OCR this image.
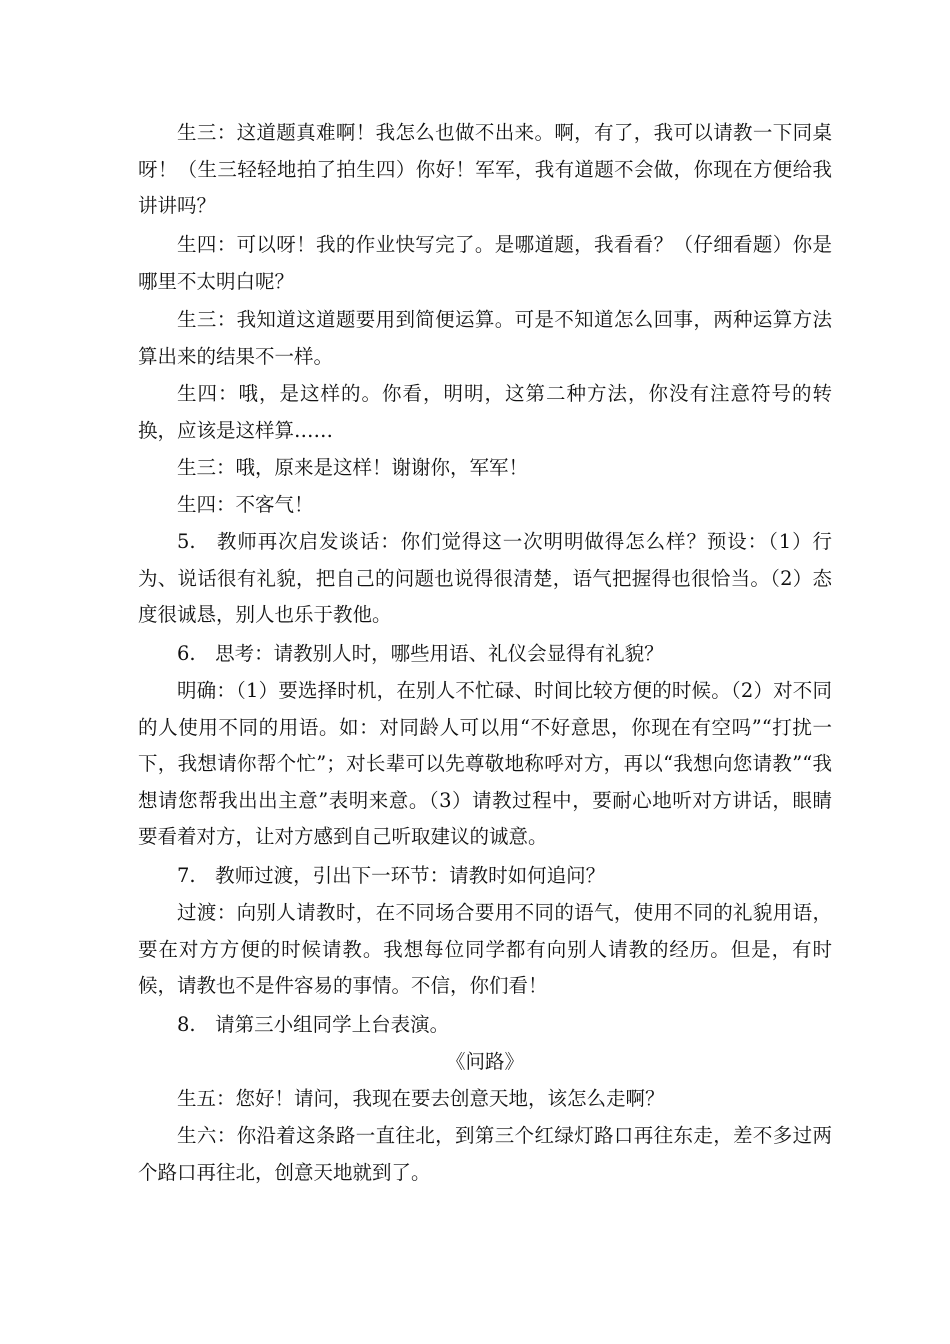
生三：这道题真难啊！我怎么也做不出来。啊，有了，我可以请教一下同桌呀！（生三轻轻地拍了拍生四）你好！军军，我有道题不会做，你现在方便给我讲讲吗？

生四：可以呀！我的作业快写完了。是哪道题，我看看？（仔细看题）你是哪里不太明白呢？

生三：我知道这道题要用到简便运算。可是不知道怎么回事，两种运算方法算出来的结果不一样。

生四：哦，是这样的。你看，明明，这第二种方法，你没有注意符号的转换，应该是这样算……

生三：哦，原来是这样！谢谢你，军军！

生四：不客气！

5.　教师再次启发谈话：你们觉得这一次明明做得怎么样？预设：（1）行为、说话很有礼貌，把自己的问题也说得很清楚，语气把握得也很恰当。（2）态度很诚恳，别人也乐于教他。

6.　思考：请教别人时，哪些用语、礼仪会显得有礼貌？

明确：（1）要选择时机，在别人不忙碌、时间比较方便的时候。（2）对不同的人使用不同的用语。如：对同龄人可以用“不好意思，你现在有空吗”“打扰一下，我想请你帮个忙”；对长辈可以先尊敬地称呼对方，再以“我想向您请教”“我想请您帮我出出主意”表明来意。（3）请教过程中，要耐心地听对方讲话，眼睛要看着对方，让对方感到自己听取建议的诚意。

7.　教师过渡，引出下一环节：请教时如何追问？

过渡：向别人请教时，在不同场合要用不同的语气，使用不同的礼貌用语，要在对方方便的时候请教。我想每位同学都有向别人请教的经历。但是，有时候，请教也不是件容易的事情。不信，你们看！

8.　请第三小组同学上台表演。

《问路》

生五：您好！请问，我现在要去创意天地，该怎么走啊？

生六：你沿着这条路一直往北，到第三个红绿灯路口再往东走，差不多过两个路口再往北，创意天地就到了。
